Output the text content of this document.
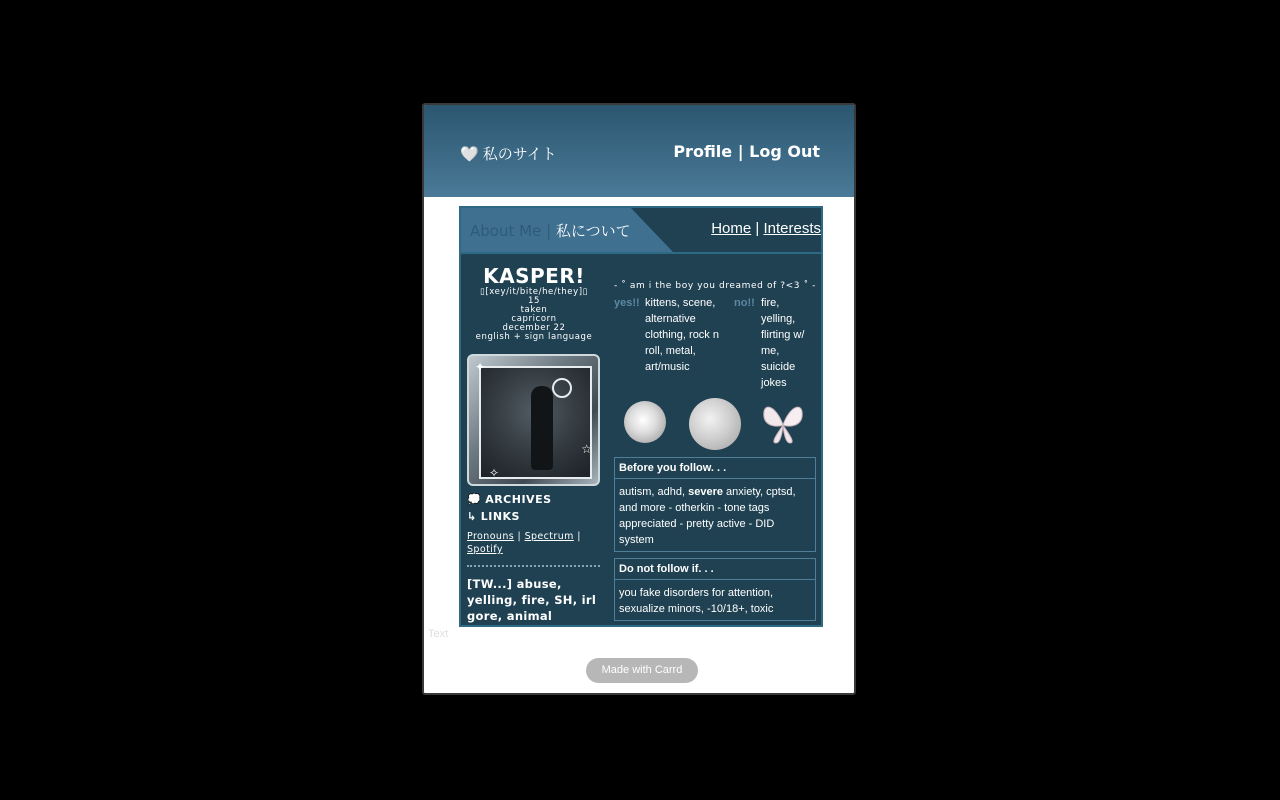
🤍 私のサイト	Profile | Log Out
About Me | 私について	Home | Interests
KASPER!
▯[xey/it/bite/he/they]▯
15
taken
capricorn
december 22
english + sign language
✦
☆
✧
💭 ARCHIVES
↳ LINKS
Pronouns | Spectrum |
Spotify
[TW...] abuse, yelling, fire, SH, irl gore, animal death/abuse
- ˚ am i the boy you dreamed of ?<3 ˚ -
yes!! kittens, scene, alternative clothing, rock n roll, metal, art/music
no!! fire, yelling, flirting w/ me, suicide jokes
Before you follow. . .
autism, adhd, severe anxiety, cptsd, and more - otherkin - tone tags appreciated - pretty active - DID system
Do not follow if. . .
you fake disorders for attention, sexualize minors, -10/18+, toxic
Text
Made with Carrd
